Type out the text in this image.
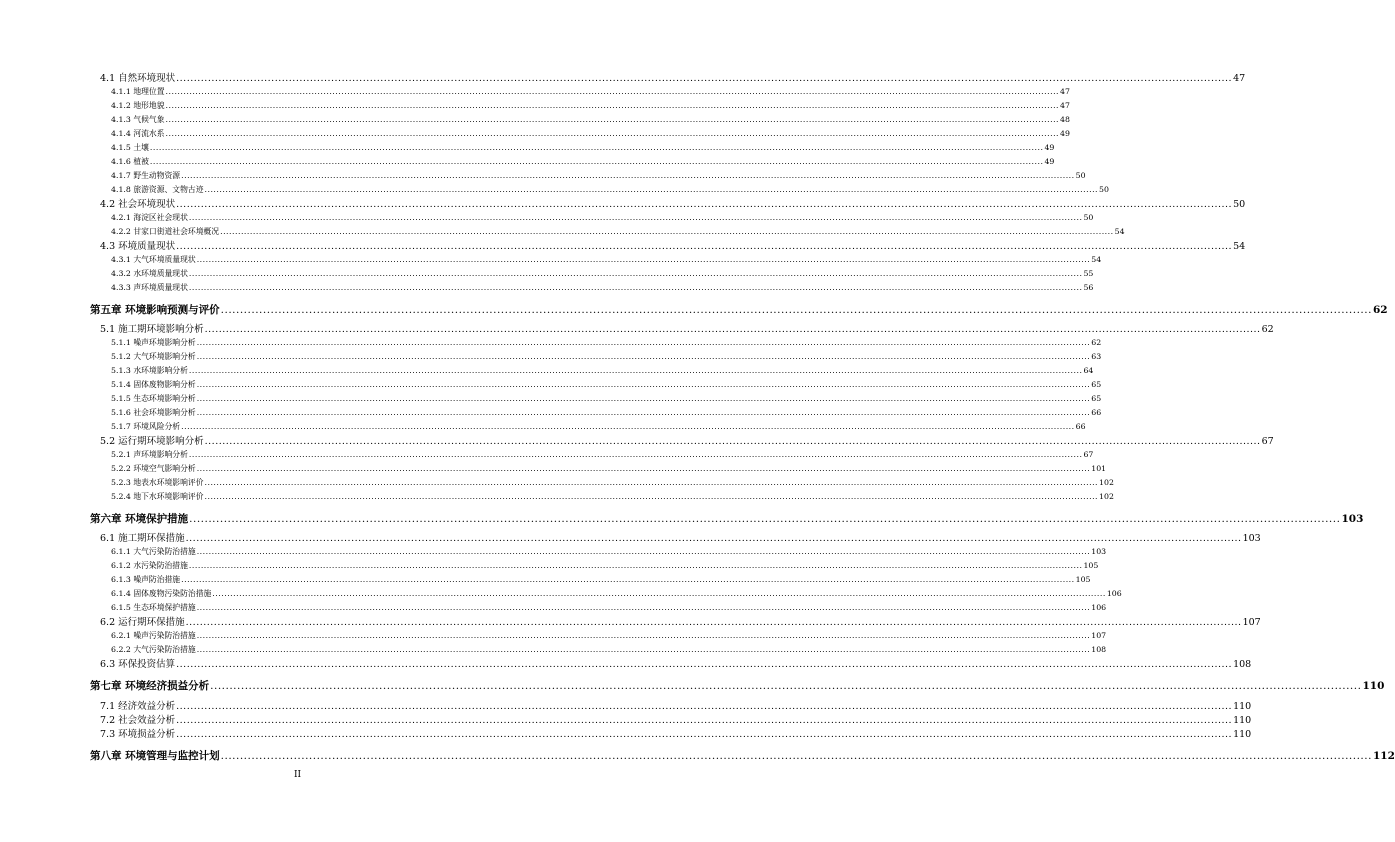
4.1 自然环境现状 ............................................................................................................................................................................................................................................................................................................ 47
4.1.1 地理位置 ............................................................................................................................................................................................................................................................................................................ 47
4.1.2 地形地貌 ............................................................................................................................................................................................................................................................................................................ 47
4.1.3 气候气象 ............................................................................................................................................................................................................................................................................................................ 48
4.1.4 河流水系 ............................................................................................................................................................................................................................................................................................................ 49
4.1.5 土壤 ............................................................................................................................................................................................................................................................................................................ 49
4.1.6 植被 ............................................................................................................................................................................................................................................................................................................ 49
4.1.7 野生动物资源 ............................................................................................................................................................................................................................................................................................................ 50
4.1.8 旅游资源、文物古迹 ............................................................................................................................................................................................................................................................................................................ 50
4.2 社会环境现状 ............................................................................................................................................................................................................................................................................................................ 50
4.2.1 海淀区社会现状 ............................................................................................................................................................................................................................................................................................................ 50
4.2.2 甘家口街道社会环境概况 ............................................................................................................................................................................................................................................................................................................ 54
4.3 环境质量现状 ............................................................................................................................................................................................................................................................................................................ 54
4.3.1 大气环境质量现状 ............................................................................................................................................................................................................................................................................................................ 54
4.3.2 水环境质量现状 ............................................................................................................................................................................................................................................................................................................ 55
4.3.3 声环境质量现状 ............................................................................................................................................................................................................................................................................................................ 56
第五章 环境影响预测与评价 ............................................................................................................................................................................................................................................................................................................ 62
5.1 施工期环境影响分析 ............................................................................................................................................................................................................................................................................................................ 62
5.1.1 噪声环境影响分析 ............................................................................................................................................................................................................................................................................................................ 62
5.1.2 大气环境影响分析 ............................................................................................................................................................................................................................................................................................................ 63
5.1.3 水环境影响分析 ............................................................................................................................................................................................................................................................................................................ 64
5.1.4 固体废物影响分析 ............................................................................................................................................................................................................................................................................................................ 65
5.1.5 生态环境影响分析 ............................................................................................................................................................................................................................................................................................................ 65
5.1.6 社会环境影响分析 ............................................................................................................................................................................................................................................................................................................ 66
5.1.7 环境风险分析 ............................................................................................................................................................................................................................................................................................................ 66
5.2 运行期环境影响分析 ............................................................................................................................................................................................................................................................................................................ 67
5.2.1 声环境影响分析 ............................................................................................................................................................................................................................................................................................................ 67
5.2.2 环境空气影响分析 ............................................................................................................................................................................................................................................................................................................ 101
5.2.3 地表水环境影响评价 ............................................................................................................................................................................................................................................................................................................ 102
5.2.4 地下水环境影响评价 ............................................................................................................................................................................................................................................................................................................ 102
第六章 环境保护措施 ............................................................................................................................................................................................................................................................................................................ 103
6.1 施工期环保措施 ............................................................................................................................................................................................................................................................................................................ 103
6.1.1 大气污染防治措施 ............................................................................................................................................................................................................................................................................................................ 103
6.1.2 水污染防治措施 ............................................................................................................................................................................................................................................................................................................ 105
6.1.3 噪声防治措施 ............................................................................................................................................................................................................................................................................................................ 105
6.1.4 固体废物污染防治措施 ............................................................................................................................................................................................................................................................................................................ 106
6.1.5 生态环境保护措施 ............................................................................................................................................................................................................................................................................................................ 106
6.2 运行期环保措施 ............................................................................................................................................................................................................................................................................................................ 107
6.2.1 噪声污染防治措施 ............................................................................................................................................................................................................................................................................................................ 107
6.2.2 大气污染防治措施 ............................................................................................................................................................................................................................................................................................................ 108
6.3 环保投资估算 ............................................................................................................................................................................................................................................................................................................ 108
第七章 环境经济损益分析 ............................................................................................................................................................................................................................................................................................................ 110
7.1 经济效益分析 ............................................................................................................................................................................................................................................................................................................ 110
7.2 社会效益分析 ............................................................................................................................................................................................................................................................................................................ 110
7.3 环境损益分析 ............................................................................................................................................................................................................................................................................................................ 110
第八章 环境管理与监控计划 ............................................................................................................................................................................................................................................................................................................ 112
II
